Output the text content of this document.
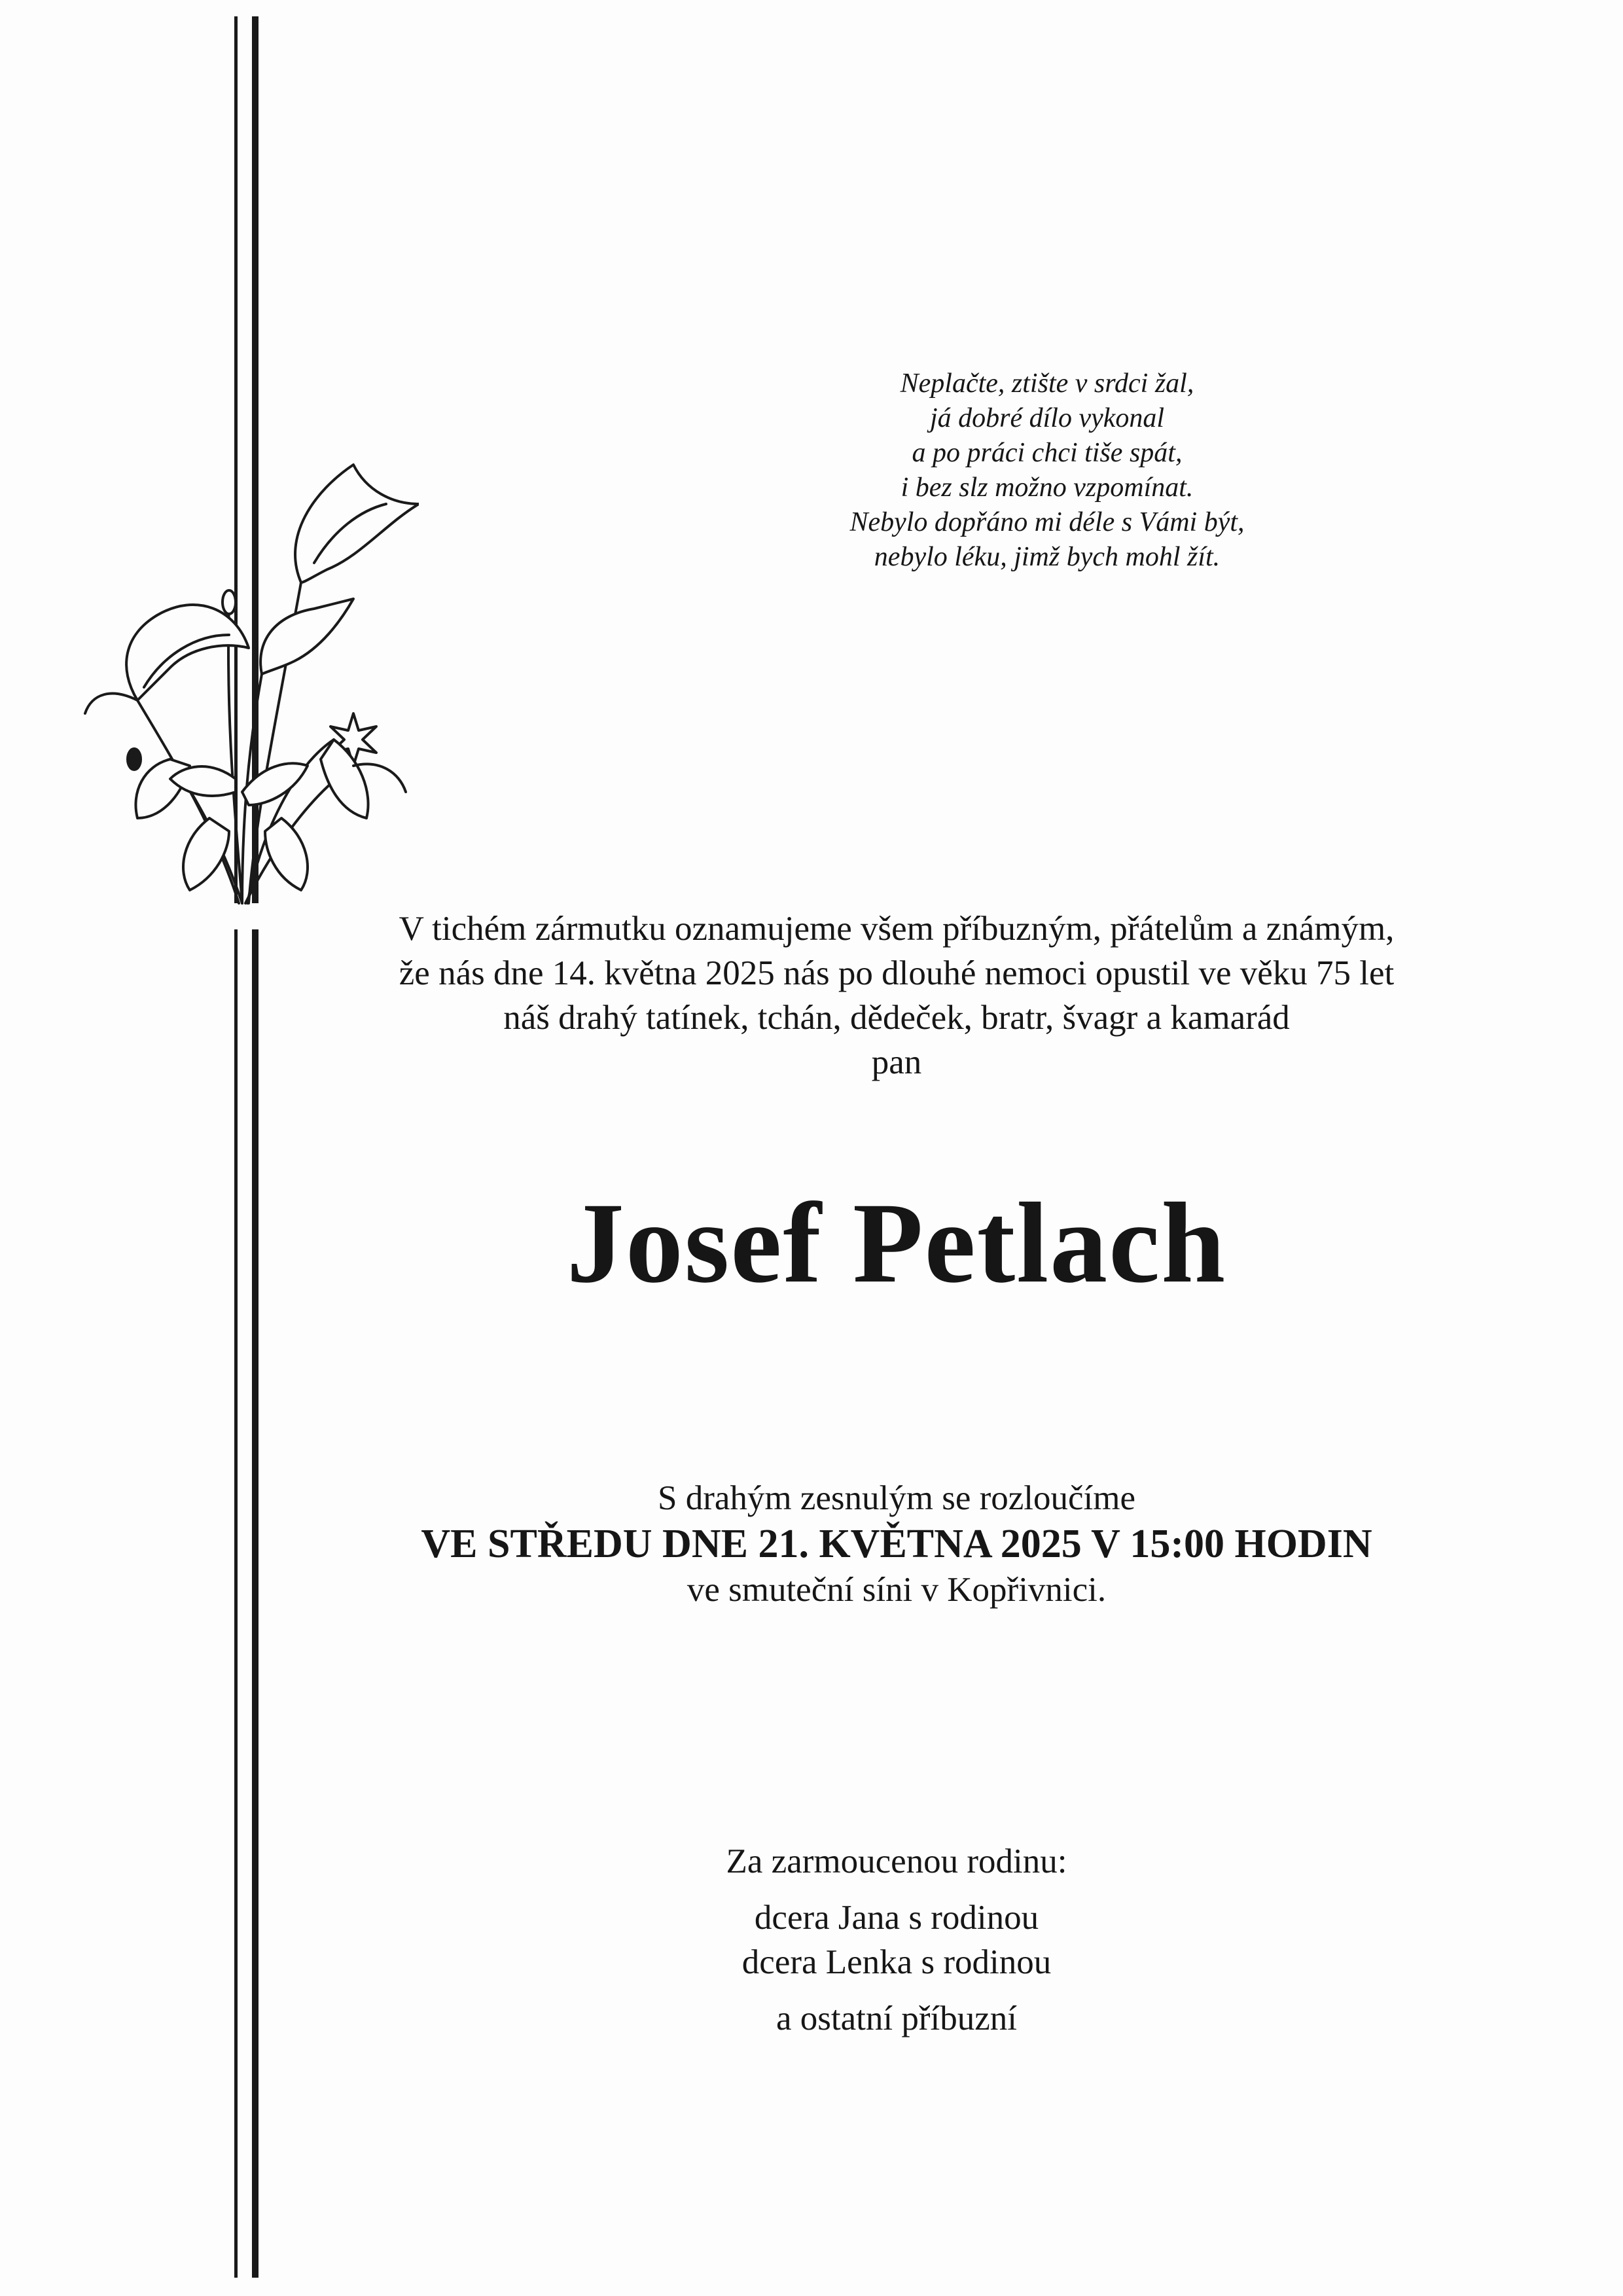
Neplačte, ztište v srdci žal,
já dobré dílo vykonal
a po práci chci tiše spát,
i bez slz možno vzpomínat.
Nebylo dopřáno mi déle s Vámi být,
nebylo léku, jimž bych mohl žít.
V tichém zármutku oznamujeme všem příbuzným, přátelům a známým,
že nás dne 14. května 2025 nás po dlouhé nemoci opustil ve věku 75 let
náš drahý tatínek, tchán, dědeček, bratr, švagr a kamarád
pan
Josef Petlach
S drahým zesnulým se rozloučíme
VE STŘEDU DNE 21. KVĚTNA 2025 V 15:00 HODIN
ve smuteční síni v Kopřivnici.
Za zarmoucenou rodinu:
dcera Jana s rodinou
dcera Lenka s rodinou
a ostatní příbuzní
